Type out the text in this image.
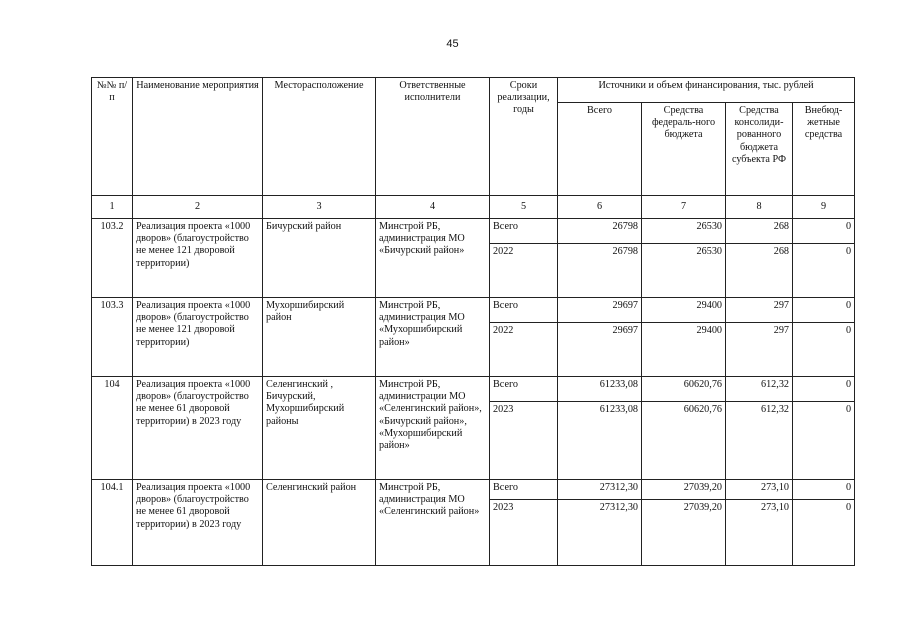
45
№№ п/п	Наименование мероприятия	Месторасположение	Ответственные исполнители	Сроки реализации, годы	Источники и объем финансирования, тыс. рублей			
					Всего	Средства федераль-ного бюджета	Средства консолиди-рованного бюджета субъекта РФ	Внебюд-жетные средства
1	2	3	4	5	6	7	8	9
103.2	Реализация проекта «1000 дворов» (благоустройство не менее 121 дворовой территории)	Бичурский район	Минстрой РБ, администрация МО «Бичурский район»	Всего	26798	26530	268	0
				2022	26798	26530	268	0
103.3	Реализация проекта «1000 дворов» (благоустройство не менее 121 дворовой территории)	Мухоршибирский район	Минстрой РБ, администрация МО «Мухоршибирский район»	Всего	29697	29400	297	0
				2022	29697	29400	297	0
104	Реализация проекта «1000 дворов» (благоустройство не менее 61 дворовой территории) в 2023 году	Селенгинский , Бичурский, Мухоршибирский районы	Минстрой РБ, администрации МО «Селенгинский район», «Бичурский район», «Мухоршибирский район»	Всего	61233,08	60620,76	612,32	0
				2023	61233,08	60620,76	612,32	0
104.1	Реализация проекта «1000 дворов» (благоустройство не менее 61 дворовой территории) в 2023 году	Селенгинский район	Минстрой РБ, администрация МО «Селенгинский район»	Всего	27312,30	27039,20	273,10	0
				2023	27312,30	27039,20	273,10	0
